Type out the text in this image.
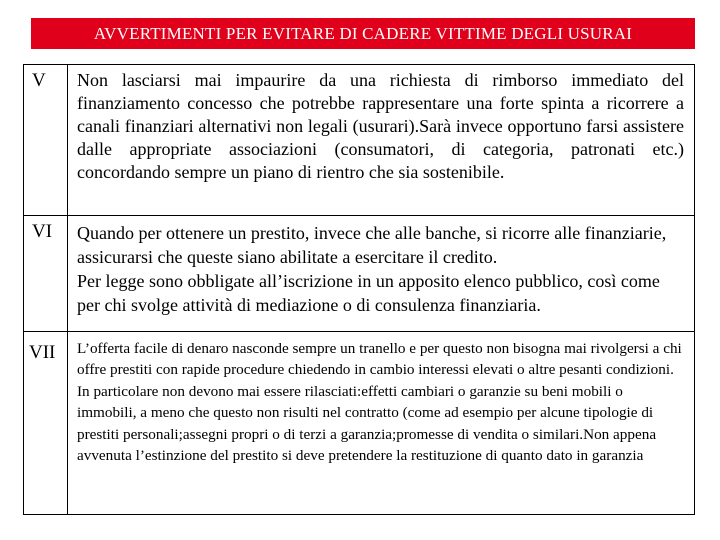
AVVERTIMENTI PER EVITARE DI CADERE VITTIME DEGLI USURAI
V	Non lasciarsi mai impaurire da una richiesta di rimborso immediato del finanziamento concesso che potrebbe rappresentare una forte spinta a ricorrere a canali finanziari alternativi non legali (usurari).Sarà invece opportuno farsi assistere dalle appropriate associazioni (consumatori, di categoria, patronati etc.) concordando sempre un piano di rientro che sia sostenibile.

VI	Quando per ottenere un prestito, invece che alle banche, si ricorre alle finanziarie, assicurarsi che queste siano abilitate a esercitare il credito.
Per legge sono obbligate all’iscrizione in un apposito elenco pubblico, così come per chi svolge attività di mediazione o di consulenza finanziaria.

VII	L’offerta facile di denaro nasconde sempre un tranello e per questo non bisogna mai rivolgersi a chi offre prestiti con rapide procedure chiedendo in cambio interessi elevati o altre pesanti condizioni. In particolare non devono mai essere rilasciati:effetti cambiari o garanzie su beni mobili o immobili, a meno che questo non risulti nel contratto (come ad esempio per alcune tipologie di prestiti personali;assegni propri o di terzi a garanzia;promesse di vendita o similari.Non appena avvenuta l’estinzione del prestito si deve pretendere la restituzione di quanto dato in garanzia
